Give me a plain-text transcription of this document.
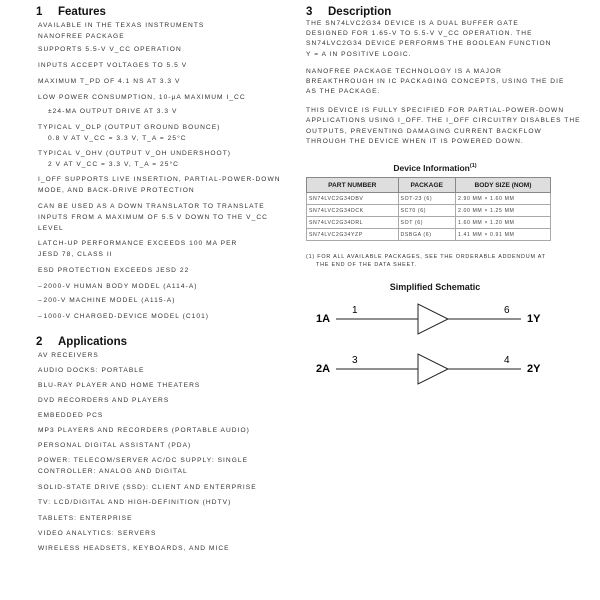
1 Features

AVAILABLE IN THE TEXAS INSTRUMENTS

NANOFREE PACKAGE

SUPPORTS 5.5-V V_CC OPERATION

INPUTS ACCEPT VOLTAGES TO 5.5 V

MAXIMUM T_PD OF 4.1 NS AT 3.3 V

LOW POWER CONSUMPTION, 10-µA MAXIMUM I_CC

±24-MA OUTPUT DRIVE AT 3.3 V

TYPICAL V_OLP (OUTPUT GROUND BOUNCE)

0.8 V AT V_CC = 3.3 V, T_A = 25°C

TYPICAL V_OHV (OUTPUT V_OH UNDERSHOOT)

2 V AT V_CC = 3.3 V, T_A = 25°C

I_OFF SUPPORTS LIVE INSERTION, PARTIAL-POWER-DOWN

MODE, AND BACK-DRIVE PROTECTION

CAN BE USED AS A DOWN TRANSLATOR TO TRANSLATE

INPUTS FROM A MAXIMUM OF 5.5 V DOWN TO THE V_CC

LEVEL

LATCH-UP PERFORMANCE EXCEEDS 100 MA PER

JESD 78, CLASS II

ESD PROTECTION EXCEEDS JESD 22

– 2000-V HUMAN BODY MODEL (A114-A)

– 200-V MACHINE MODEL (A115-A)

– 1000-V CHARGED-DEVICE MODEL (C101)

2 Applications

AV RECEIVERS

AUDIO DOCKS: PORTABLE

BLU-RAY PLAYER AND HOME THEATERS

DVD RECORDERS AND PLAYERS

EMBEDDED PCS

MP3 PLAYERS AND RECORDERS (PORTABLE AUDIO)

PERSONAL DIGITAL ASSISTANT (PDA)

POWER: TELECOM/SERVER AC/DC SUPPLY: SINGLE

CONTROLLER: ANALOG AND DIGITAL

SOLID-STATE DRIVE (SSD): CLIENT AND ENTERPRISE

TV: LCD/DIGITAL AND HIGH-DEFINITION (HDTV)

TABLETS: ENTERPRISE

VIDEO ANALYTICS: SERVERS

WIRELESS HEADSETS, KEYBOARDS, AND MICE

3 Description

THE SN74LVC2G34 DEVICE IS A DUAL BUFFER GATE

DESIGNED FOR 1.65-V TO 5.5-V V_CC OPERATION. THE

SN74LVC2G34 DEVICE PERFORMS THE BOOLEAN FUNCTION

Y = A IN POSITIVE LOGIC.

NANOFREE PACKAGE TECHNOLOGY IS A MAJOR

BREAKTHROUGH IN IC PACKAGING CONCEPTS, USING THE DIE

AS THE PACKAGE.

THIS DEVICE IS FULLY SPECIFIED FOR PARTIAL-POWER-DOWN

APPLICATIONS USING I_OFF. THE I_OFF CIRCUITRY DISABLES THE

OUTPUTS, PREVENTING DAMAGING CURRENT BACKFLOW

THROUGH THE DEVICE WHEN IT IS POWERED DOWN.

Device Information$^{(1)}$

PART NUMBER	PACKAGE	BODY SIZE (NOM)
SN74LVC2G34DBV	SOT-23 (6)	2.90 MM × 1.60 MM
SN74LVC2G34DCK	SC70 (6)	2.00 MM × 1.25 MM
SN74LVC2G34DRL	SOT (6)	1.60 MM × 1.20 MM
SN74LVC2G34YZP	DSBGA (6)	1.41 MM × 0.91 MM

(1) FOR ALL AVAILABLE PACKAGES, SEE THE ORDERABLE ADDENDUM AT

THE END OF THE DATA SHEET.

Simplified Schematic

1A
1	6
1Y
2A
3	4
2Y
